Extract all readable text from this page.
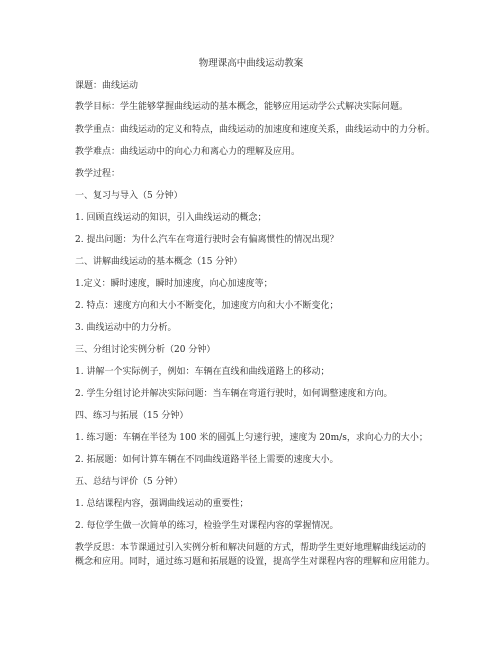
物理课高中曲线运动教案
课题：曲线运动
教学目标：学生能够掌握曲线运动的基本概念，能够应用运动学公式解决实际问题。
教学重点：曲线运动的定义和特点，曲线运动的加速度和速度关系，曲线运动中的力分析。
教学难点：曲线运动中的向心力和离心力的理解及应用。
教学过程：
一、复习与导入（5 分钟）
1. 回顾直线运动的知识，引入曲线运动的概念；
2. 提出问题：为什么汽车在弯道行驶时会有偏离惯性的情况出现？
二、讲解曲线运动的基本概念（15 分钟）
1.定义：瞬时速度，瞬时加速度，向心加速度等；
2. 特点：速度方向和大小不断变化，加速度方向和大小不断变化；
3. 曲线运动中的力分析。
三、分组讨论实例分析（20 分钟）
1. 讲解一个实际例子，例如：车辆在直线和曲线道路上的移动；
2. 学生分组讨论并解决实际问题：当车辆在弯道行驶时，如何调整速度和方向。
四、练习与拓展（15 分钟）
1. 练习题：车辆在半径为 100 米的圆弧上匀速行驶，速度为 20m/s，求向心力的大小；
2. 拓展题：如何计算车辆在不同曲线道路半径上需要的速度大小。
五、总结与评价（5 分钟）
1. 总结课程内容，强调曲线运动的重要性；
2. 每位学生做一次简单的练习，检验学生对课程内容的掌握情况。
教学反思：本节课通过引入实例分析和解决问题的方式，帮助学生更好地理解曲线运动的
概念和应用。同时，通过练习题和拓展题的设置，提高学生对课程内容的理解和应用能力。
